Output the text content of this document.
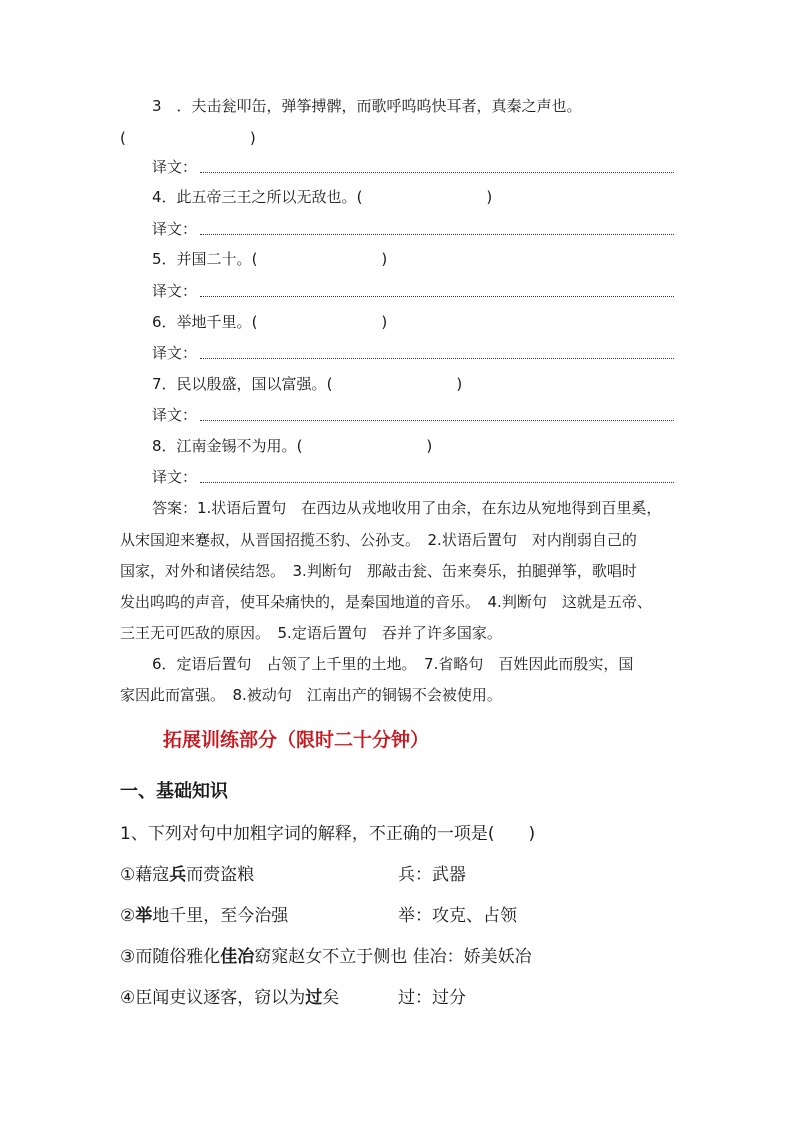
3　．夫击瓮叩缶，弹筝搏髀，而歌呼呜呜快耳者，真秦之声也。
(	)
译文：
4．此五帝三王之所以无敌也。(	)
译文：
5．并国二十。(	)
译文：
6．举地千里。(	)
译文：
7．民以殷盛，国以富强。(	)
译文：
8．江南金锡不为用。(	)
译文：
答案：1.状语后置句　在西边从戎地收用了由余，在东边从宛地得到百里奚，
从宋国迎来蹇叔，从晋国招揽丕豹、公孙支。　2.状语后置句　对内削弱自己的
国家，对外和诸侯结怨。　3.判断句　那敲击瓮、缶来奏乐，拍腿弹筝，歌唱时
发出呜呜的声音，使耳朵痛快的，是秦国地道的音乐。　4.判断句　这就是五帝、
三王无可匹敌的原因。　5.定语后置句　吞并了许多国家。
6．定语后置句　占领了上千里的土地。　7.省略句　百姓因此而殷实，国
家因此而富强。　8.被动句　江南出产的铜锡不会被使用。
拓展训练部分（限时二十分钟）
一、基础知识
1、下列对句中加粗字词的解释，不正确的一项是(　　)
①藉寇兵而赍盗粮	兵：武器
②举地千里，至今治强	举：攻克、占领
③而随俗雅化佳冶窈窕赵女不立于侧也 佳冶：娇美妖冶
④臣闻吏议逐客，窃以为过矣	过：过分
